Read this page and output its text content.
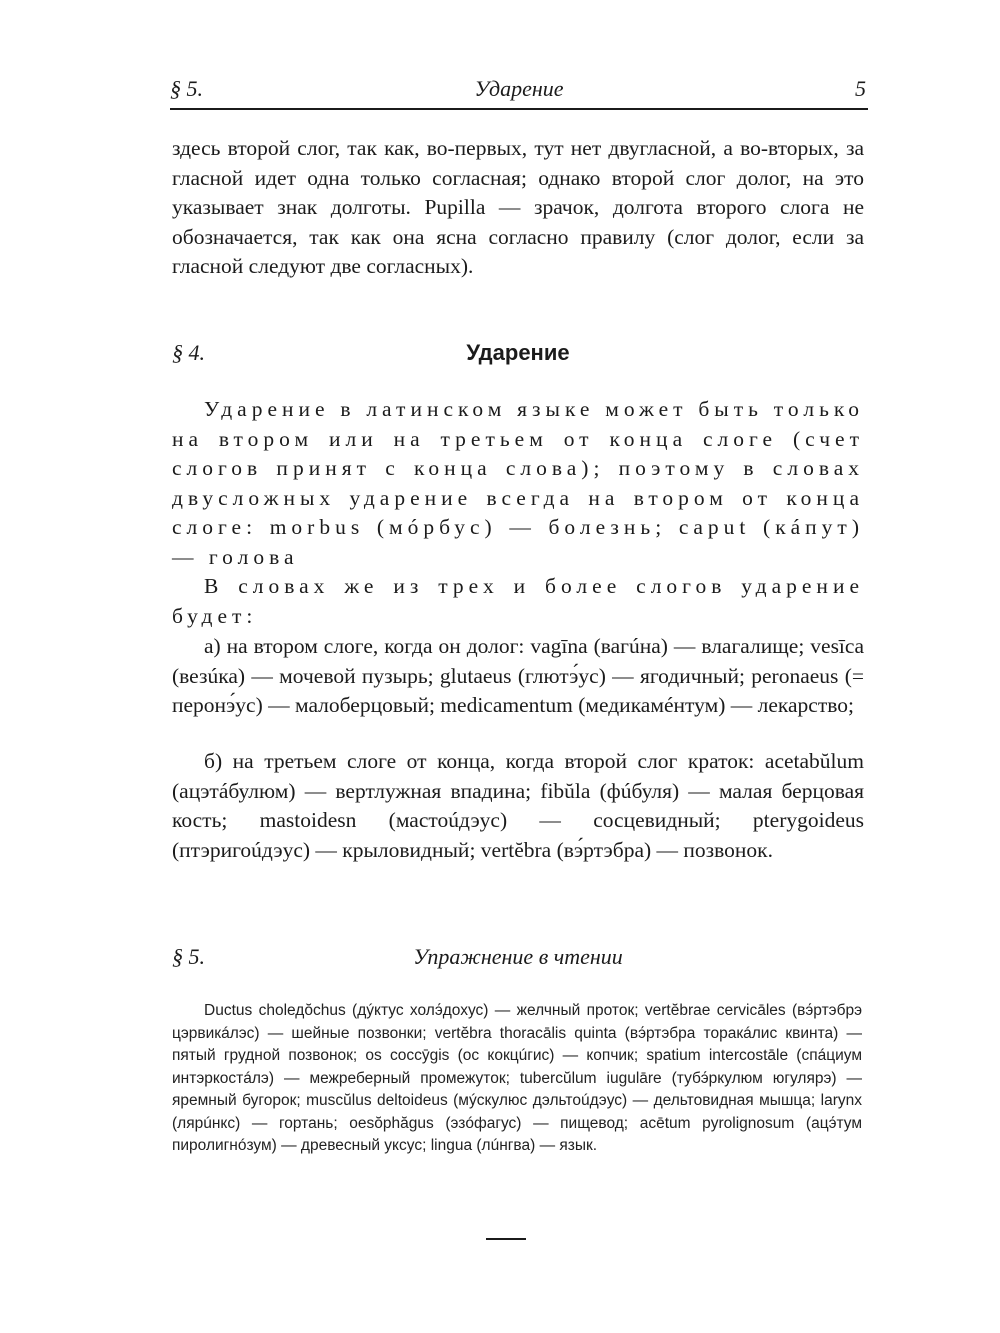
§ 5.	Ударение	5
здесь второй слог, так как, во-первых, тут нет двугласной, а во-вторых, за гласной идет одна только согласная; однако второй слог долог, на это указывает знак долготы. Pupilla — зрачок, долгота второго слога не обозначается, так как она ясна согласно правилу (слог долог, если за гласной следуют две согласных).
§ 4.	Ударение
Ударение в латинском языке может быть только на втором или на третьем от конца слоге (счет слогов принят с конца слова); поэтому в словах двусложных ударение всегда на втором от конца слоге: morbus (мóрбус) — болезнь; caput (кáпут) — голова
В словах же из трех и более слогов ударение будет:
а) на втором слоге, когда он долог: vagīna (вагúна) — влагалище; vesīca (везúка) — мочевой пузырь; glutaeus (глютэ́ус) — ягодичный; peronaeus (= перонэ́ус) — малоберцовый; medicamentum (медикамéнтум) — лекарство;
б) на третьем слоге от конца, когда второй слог краток: acetabŭlum (ацэтáбулюм) — вертлужная впадина; fibŭla (фúбуля) — малая берцовая кость; mastoidesn (мастоúдэус) — сосцевидный; pterygoideus (птэригоúдэус) — крыловидный; vertĕbra (вэ́ртэбра) — позвонок.
§ 5.	Упражнение в чтении
Ductus cholедŏchus (дýктус холэ́дохус) — желчный проток; vertĕbrae cervicāles (вэ́ртэбрэ цэрвикáлэс) — шейные позвонки; vertĕbra thoracālis quinta (вэ́ртэбра торакáлис квинта) — пятый грудной позвонок; os coccȳgis (ос кокцúгис) — копчик; spatium intercostāle (спáциум интэркостáлэ) — межреберный промежуток; tubercŭlum iugulāre (тубэ́ркулюм югулярэ) — яремный бугорок; muscŭlus deltoideus (мýскулюс дэльтоúдэус) — дельтовидная мышца; larynx (лярúнкс) — гортань; oesŏphăgus (эзóфагус) — пищевод; acētum pyrolignosum (ацэ́тум пиролигнóзум) — древесный уксус; lingua (лúнгва) — язык.
